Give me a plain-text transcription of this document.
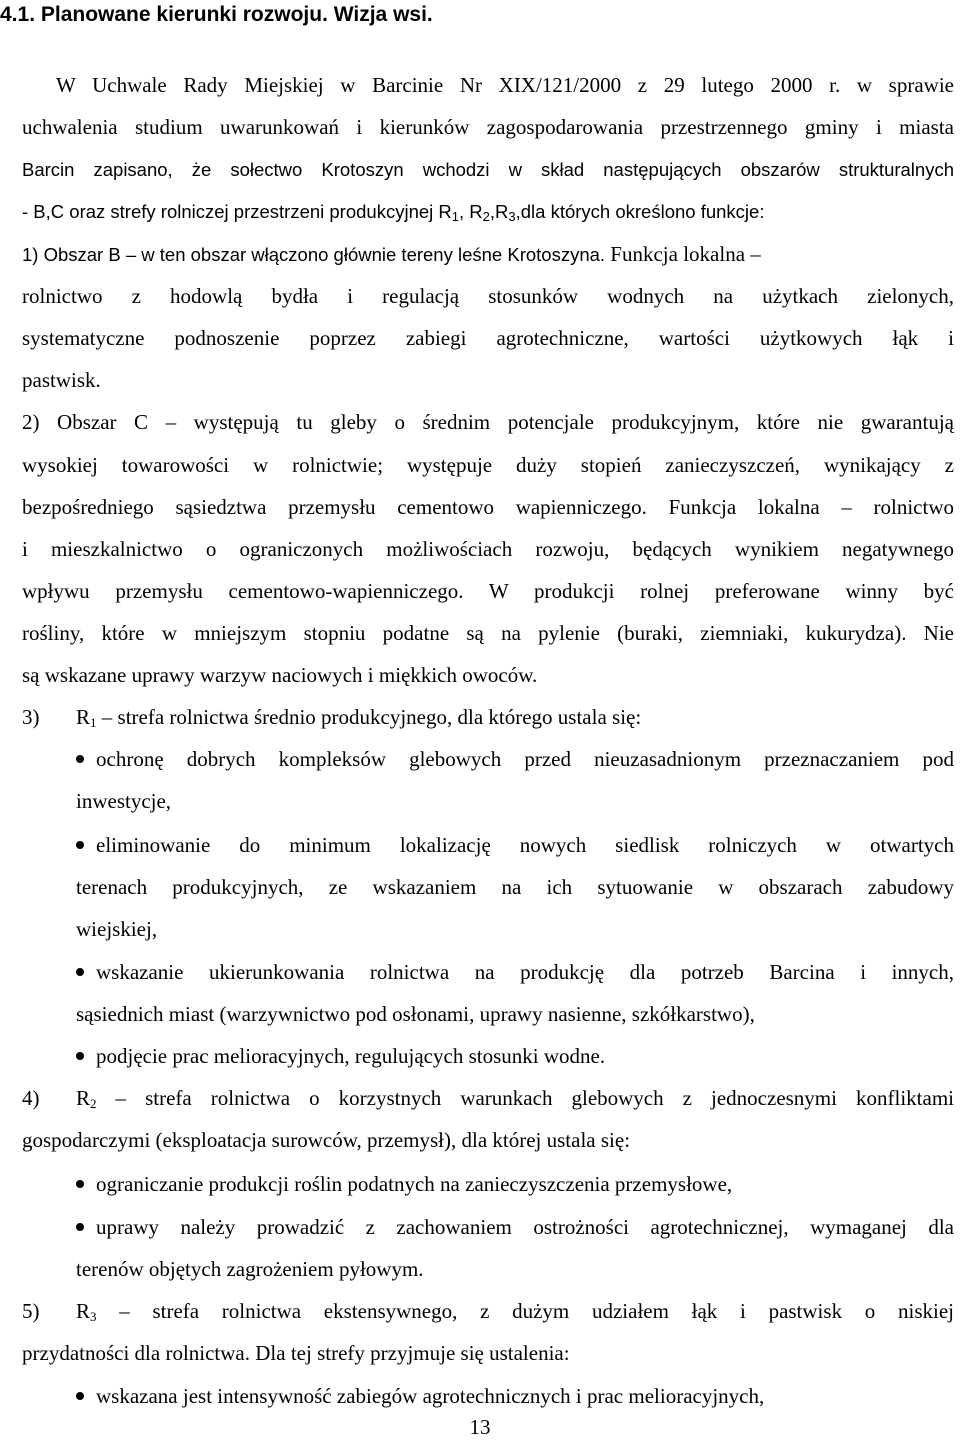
4.1. Planowane kierunki rozwoju. Wizja wsi.
W Uchwale Rady Miejskiej w Barcinie Nr XIX/121/2000 z 29 lutego 2000 r. w sprawie
uchwalenia studium uwarunkowań i kierunków zagospodarowania przestrzennego gminy i miasta
Barcin zapisano, że sołectwo Krotoszyn wchodzi w skład następujących obszarów strukturalnych
- B,C oraz strefy rolniczej przestrzeni produkcyjnej $R_1$, $R_2,R_3,dla$ których określono funkcje:
1) Obszar B – w ten obszar włączono głównie tereny leśne Krotoszyna. Funkcja lokalna –
rolnictwo z hodowlą bydła i regulacją stosunków wodnych na użytkach zielonych,
systematyczne podnoszenie poprzez zabiegi agrotechniczne, wartości użytkowych łąk i
pastwisk.
2) Obszar C – występują tu gleby o średnim potencjale produkcyjnym, które nie gwarantują
wysokiej towarowości w rolnictwie; występuje duży stopień zanieczyszczeń, wynikający z
bezpośredniego sąsiedztwa przemysłu cementowo wapienniczego. Funkcja lokalna – rolnictwo
i mieszkalnictwo o ograniczonych możliwościach rozwoju, będących wynikiem negatywnego
wpływu przemysłu cementowo-wapienniczego. W produkcji rolnej preferowane winny być
rośliny, które w mniejszym stopniu podatne są na pylenie (buraki, ziemniaki, kukurydza). Nie
są wskazane uprawy warzyw naciowych i miękkich owoców.
3) $R_1$ – strefa rolnictwa średnio produkcyjnego, dla którego ustala się:
ochronę dobrych kompleksów glebowych przed nieuzasadnionym przeznaczaniem pod
inwestycje,
eliminowanie do minimum lokalizację nowych siedlisk rolniczych w otwartych
terenach produkcyjnych, ze wskazaniem na ich sytuowanie w obszarach zabudowy
wiejskiej,
wskazanie ukierunkowania rolnictwa na produkcję dla potrzeb Barcina i innych,
sąsiednich miast (warzywnictwo pod osłonami, uprawy nasienne, szkółkarstwo),
podjęcie prac melioracyjnych, regulujących stosunki wodne.
4) $R_2$ – strefa rolnictwa o korzystnych warunkach glebowych z jednoczesnymi konfliktami
gospodarczymi (eksploatacja surowców, przemysł), dla której ustala się:
ograniczanie produkcji roślin podatnych na zanieczyszczenia przemysłowe,
uprawy należy prowadzić z zachowaniem ostrożności agrotechnicznej, wymaganej dla
terenów objętych zagrożeniem pyłowym.
5) $R_3$ – strefa rolnictwa ekstensywnego, z dużym udziałem łąk i pastwisk o niskiej
przydatności dla rolnictwa. Dla tej strefy przyjmuje się ustalenia:
wskazana jest intensywność zabiegów agrotechnicznych i prac melioracyjnych,
13
